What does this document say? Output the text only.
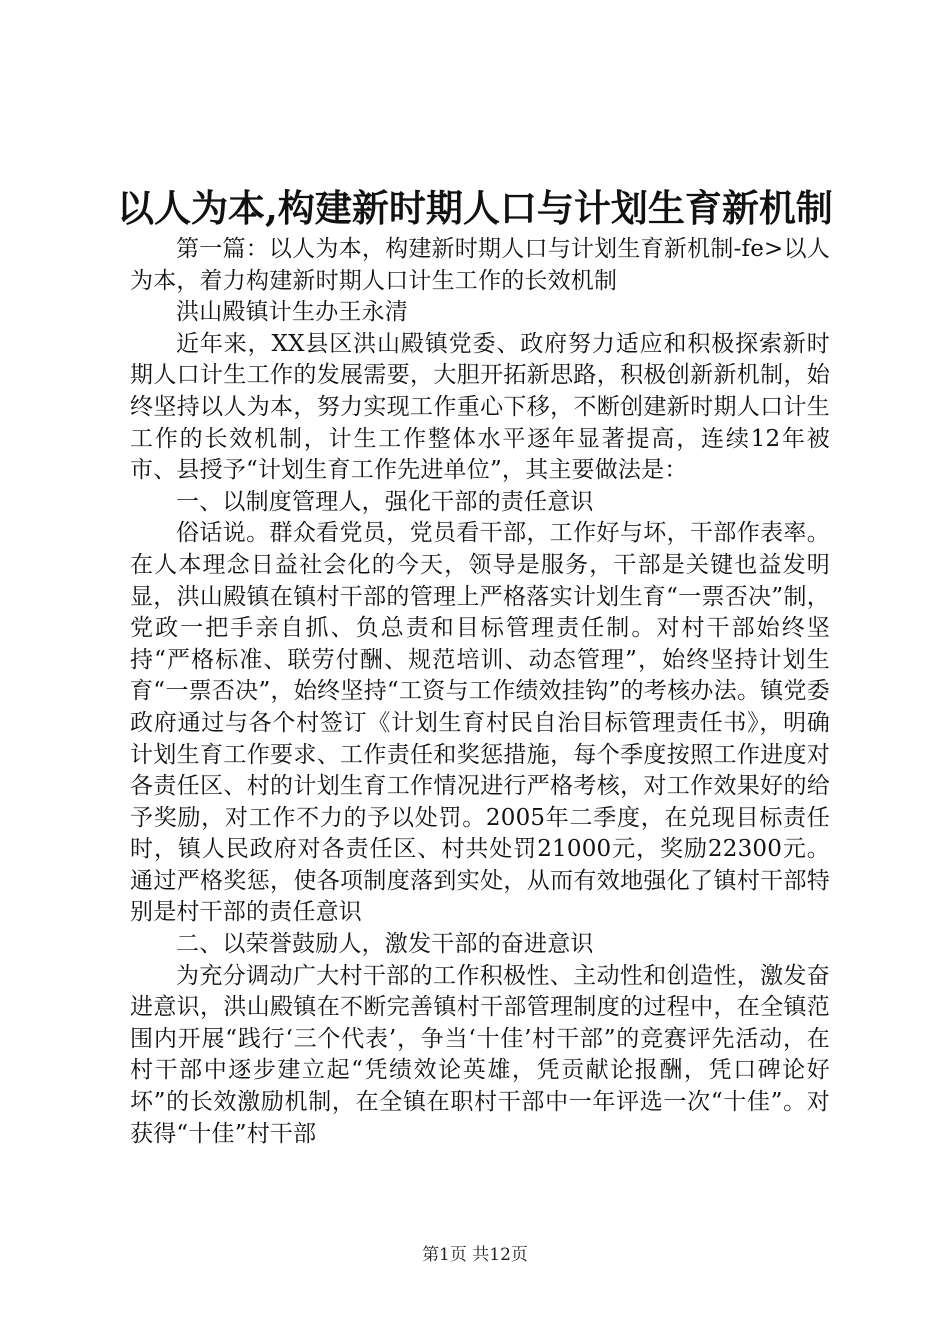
以人为本,构建新时期人口与计划生育新机制

第一篇：以人为本，构建新时期人口与计划生育新机制-fe>以人为本，着力构建新时期人口计生工作的长效机制

洪山殿镇计生办王永清

近年来，XX县区洪山殿镇党委、政府努力适应和积极探索新时期人口计生工作的发展需要，大胆开拓新思路，积极创新新机制，始终坚持以人为本，努力实现工作重心下移，不断创建新时期人口计生工作的长效机制，计生工作整体水平逐年显著提高，连续12年被市、县授予“计划生育工作先进单位”，其主要做法是：

一、以制度管理人，强化干部的责任意识

俗话说。群众看党员，党员看干部，工作好与坏，干部作表率。在人本理念日益社会化的今天，领导是服务，干部是关键也益发明显，洪山殿镇在镇村干部的管理上严格落实计划生育“一票否决”制，党政一把手亲自抓、负总责和目标管理责任制。对村干部始终坚持“严格标准、联劳付酬、规范培训、动态管理”，始终坚持计划生育“一票否决”，始终坚持“工资与工作绩效挂钩”的考核办法。镇党委政府通过与各个村签订《计划生育村民自治目标管理责任书》，明确计划生育工作要求、工作责任和奖惩措施，每个季度按照工作进度对各责任区、村的计划生育工作情况进行严格考核，对工作效果好的给予奖励，对工作不力的予以处罚。2005年二季度，在兑现目标责任时，镇人民政府对各责任区、村共处罚21000元，奖励22300元。通过严格奖惩，使各项制度落到实处，从而有效地强化了镇村干部特别是村干部的责任意识

二、以荣誉鼓励人，激发干部的奋进意识

为充分调动广大村干部的工作积极性、主动性和创造性，激发奋进意识，洪山殿镇在不断完善镇村干部管理制度的过程中，在全镇范围内开展“践行‘三个代表’，争当‘十佳’村干部”的竞赛评先活动，在村干部中逐步建立起“凭绩效论英雄，凭贡献论报酬，凭口碑论好坏”的长效激励机制，在全镇在职村干部中一年评选一次“十佳”。对获得“十佳”村干部

第1页 共12页
